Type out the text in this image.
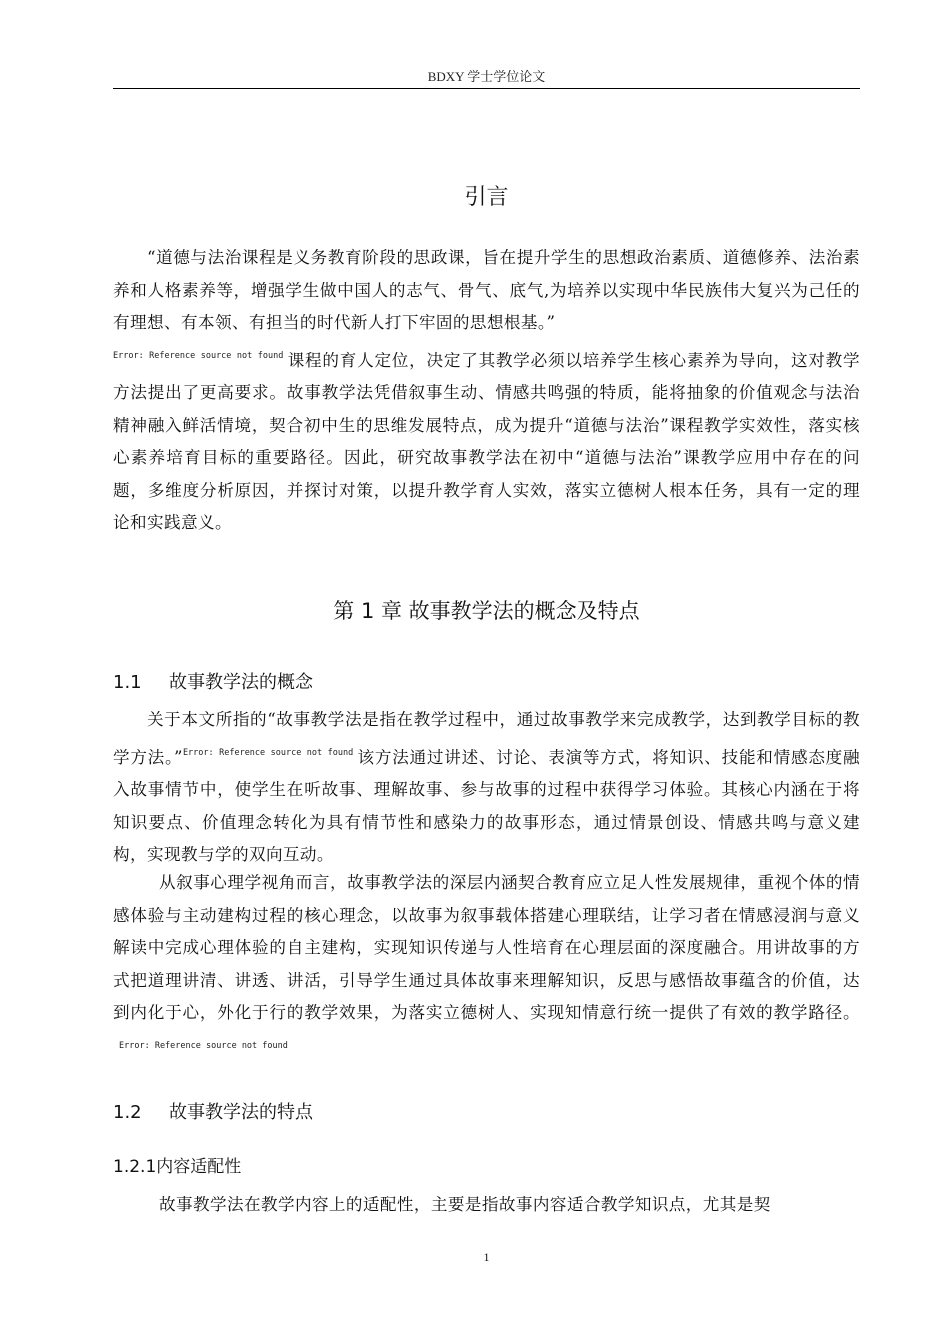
BDXY 学士学位论文
引言
“道德与法治课程是义务教育阶段的思政课，旨在提升学生的思想政治素质、道德修养、法治素养和人格素养等，增强学生做中国人的志气、骨气、底气,为培养以实现中华民族伟大复兴为己任的有理想、有本领、有担当的时代新人打下牢固的思想根基。”
$^{Error: Reference source not found}$ 课程的育人定位，决定了其教学必须以培养学生核心素养为导向，这对教学方法提出了更高要求。故事教学法凭借叙事生动、情感共鸣强的特质，能将抽象的价值观念与法治精神融入鲜活情境，契合初中生的思维发展特点，成为提升“道德与法治”课程教学实效性，落实核心素养培育目标的重要路径。因此，研究故事教学法在初中“道德与法治”课教学应用中存在的问题，多维度分析原因，并探讨对策，以提升教学育人实效，落实立德树人根本任务，具有一定的理论和实践意义。
第 1 章 故事教学法的概念及特点
1.1 故事教学法的概念
关于本文所指的“故事教学法是指在教学过程中，通过故事教学来完成教学，达到教学目标的教学方法。”$^{Error: Reference source not found}$ 该方法通过讲述、讨论、表演等方式，将知识、技能和情感态度融入故事情节中，使学生在听故事、理解故事、参与故事的过程中获得学习体验。其核心内涵在于将知识要点、价值理念转化为具有情节性和感染力的故事形态，通过情景创设、情感共鸣与意义建构，实现教与学的双向互动。
从叙事心理学视角而言，故事教学法的深层内涵契合教育应立足人性发展规律，重视个体的情感体验与主动建构过程的核心理念，以故事为叙事载体搭建心理联结，让学习者在情感浸润与意义解读中完成心理体验的自主建构，实现知识传递与人性培育在心理层面的深度融合。用讲故事的方式把道理讲清、讲透、讲活，引导学生通过具体故事来理解知识，反思与感悟故事蕴含的价值，达到内化于心，外化于行的教学效果，为落实立德树人、实现知情意行统一提供了有效的教学路径。$^{Error: Reference source not found}$
1.2 故事教学法的特点
1.2.1内容适配性
故事教学法在教学内容上的适配性，主要是指故事内容适合教学知识点，尤其是契
1
